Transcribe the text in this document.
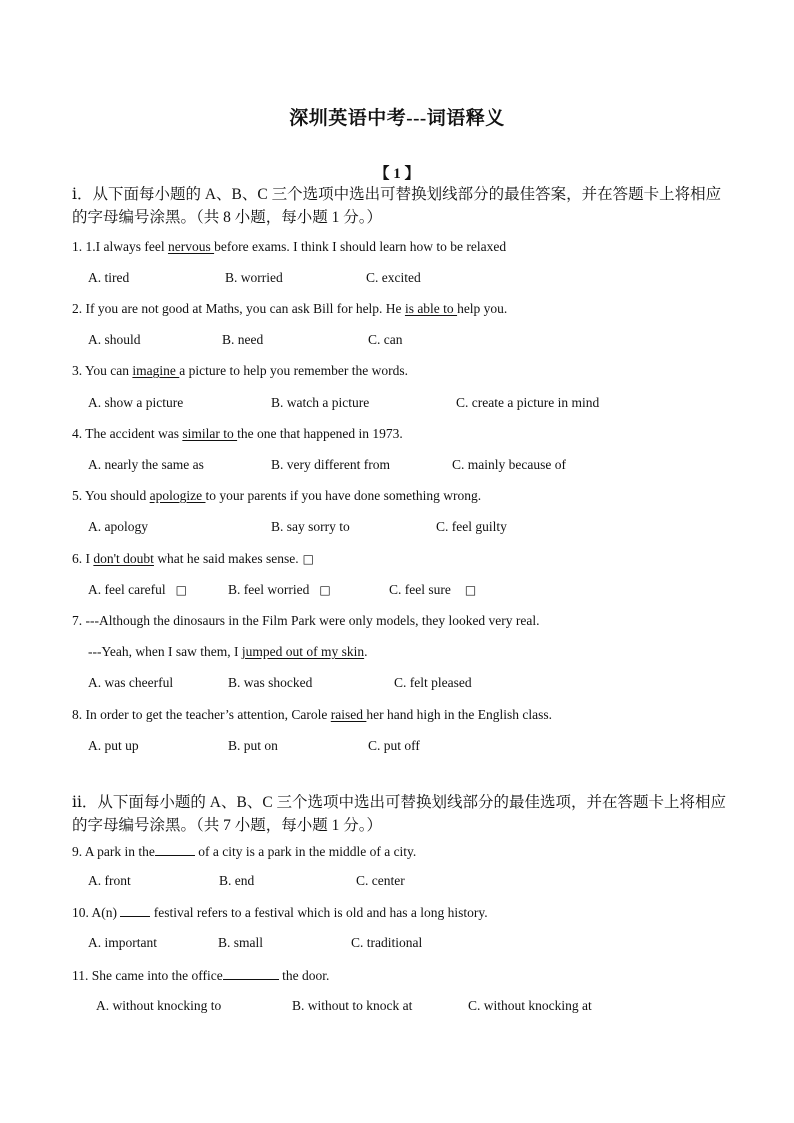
深圳英语中考---词语释义
【 1 】
ⅰ．从下面每小题的 A、B、C 三个选项中选出可替换划线部分的最佳答案，并在答题卡上将相应的字母编号涂黑。（共 8 小题，每小题 1 分。）
1. 1.I always feel nervous before exams. I think I should learn how to be relaxed
A. tired	B. worried	C. excited
2. If you are not good at Maths, you can ask Bill for help. He is able to help you.
A. should	B. need	C. can
3. You can imagine a picture to help you remember the words.
A. show a picture	B. watch a picture	C. create a picture in mind
4. The accident was similar to the one that happened in 1973.
A. nearly the same as	B. very different from	C. mainly because of
5. You should apologize to your parents if you have done something wrong.
A. apology	B. say sorry to	C. feel guilty
6. I don't doubt what he said makes sense. □
A. feel careful □	B. feel worried □	C. feel sure □
7. ---Although the dinosaurs in the Film Park were only models, they looked very real.
---Yeah, when I saw them, I jumped out of my skin.
A. was cheerful	B. was shocked	C. felt pleased
8. In order to get the teacher’s attention, Carole raised her hand high in the English class.
A. put up	B. put on	C. put off
ⅱ．从下面每小题的 A、B、C 三个选项中选出可替换划线部分的最佳选项，并在答题卡上将相应的字母编号涂黑。（共 7 小题，每小题 1 分。）
9. A park in the	of a city is a park in the middle of a city.
A. front	B. end	C. center
10. A(n)  festival refers to a festival which is old and has a long history.
A. important	B. small	C. traditional
11. She came into the office	the door.
A. without knocking to	B. without to knock at	C. without knocking at
